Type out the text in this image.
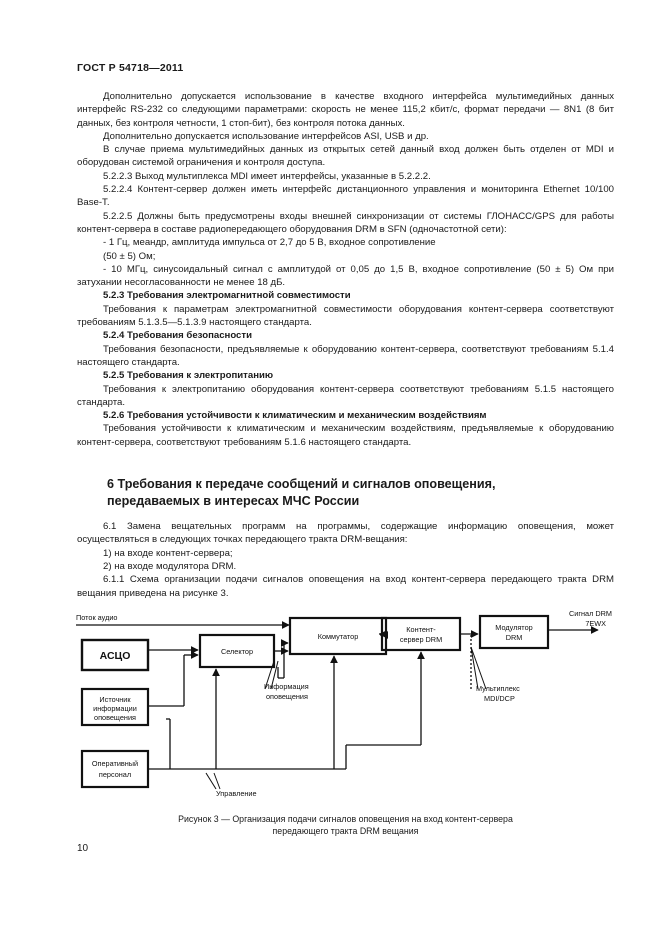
ГОСТ Р 54718—2011

Дополнительно допускается использование в качестве входного интерфейса мультимедийных данных интерфейс RS-232 со следующими параметрами: скорость не менее 115,2 кбит/с, формат передачи — 8N1 (8 бит данных, без контроля четности, 1 стоп-бит), без контроля потока данных.

Дополнительно допускается использование интерфейсов ASI, USB и др.

В случае приема мультимедийных данных из открытых сетей данный вход должен быть отделен от MDI и оборудован системой ограничения и контроля доступа.

5.2.2.3 Выход мультиплекса MDI имеет интерфейсы, указанные в 5.2.2.2.

5.2.2.4 Контент-сервер должен иметь интерфейс дистанционного управления и мониторинга Ethernet 10/100 Base-T.

5.2.2.5 Должны быть предусмотрены входы внешней синхронизации от системы ГЛОНАСС/GPS для работы контент-сервера в составе радиопередающего оборудования DRM в SFN (одночастотной сети):

- 1 Гц, меандр, амплитуда импульса от 2,7 до 5 В, входное сопротивление

(50 ± 5) Ом;

- 10 МГц, синусоидальный сигнал с амплитудой от 0,05 до 1,5 В, входное сопротивление (50 ± 5) Ом при затухании несогласованности не менее 18 дБ.

5.2.3 Требования электромагнитной совместимости

Требования к параметрам электромагнитной совместимости оборудования контент-сервера соответствуют требованиям 5.1.3.5—5.1.3.9 настоящего стандарта.

5.2.4 Требования безопасности

Требования безопасности, предъявляемые к оборудованию контент-сервера, соответствуют требованиям 5.1.4 настоящего стандарта.

5.2.5 Требования к электропитанию

Требования к электропитанию оборудования контент-сервера соответствуют требованиям 5.1.5 настоящего стандарта.

5.2.6 Требования устойчивости к климатическим и механическим воздействиям

Требования устойчивости к климатическим и механическим воздействиям, предъявляемые к оборудованию контент-сервера, соответствуют требованиям 5.1.6 настоящего стандарта.

6 Требования к передаче сообщений и сигналов оповещения,
передаваемых в интересах МЧС России

6.1 Замена вещательных программ на программы, содержащие информацию оповещения, может осуществляться в следующих точках передающего тракта DRM-вещания:

1) на входе контент-сервера;

2) на входе модулятора DRM.

6.1.1 Схема организации подачи сигналов оповещения на вход контент-сервера передающего тракта DRM вещания приведена на рисунке 3.

Поток аудио
АСЦО	Селектор
Коммутатор
Контент-
сервер DRM
Модулятор
DRM
Сигнал DRM
7EWX
Мультиплекс
MDI/DCP
Информация
оповещения
Источник
информации
оповещения
Оперативный
персонал
Управление
Рисунок 3 — Организация подачи сигналов оповещения на вход контент-сервера
передающего тракта DRM вещания
10
